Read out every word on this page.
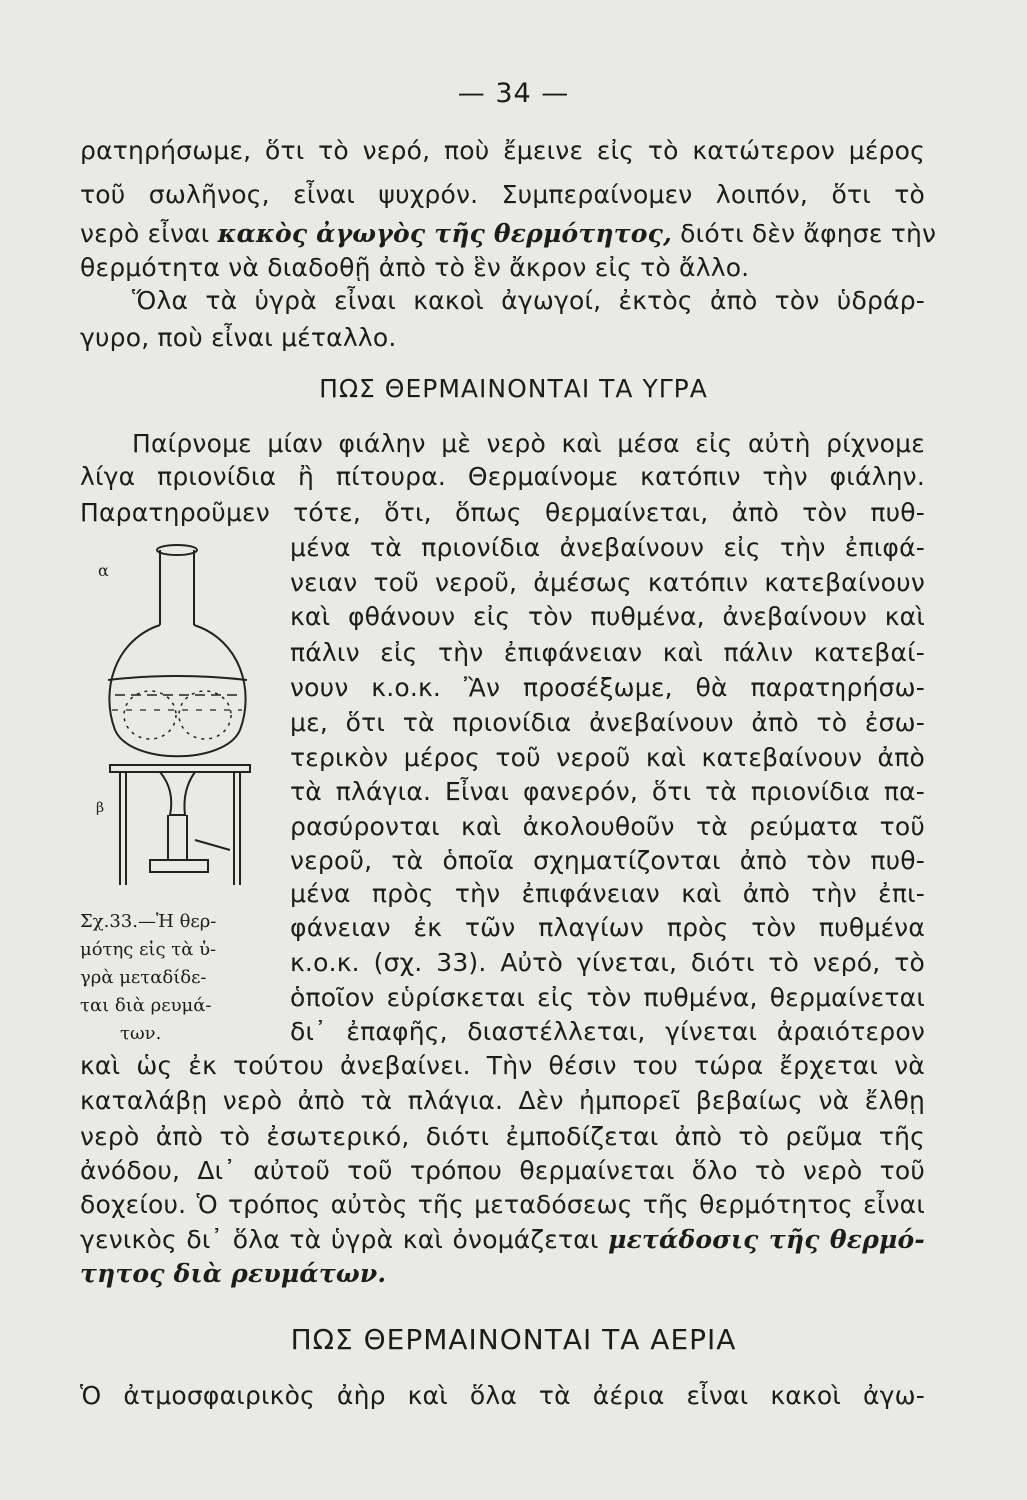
— 34 —
ρατηρήσωμε, ὅτι τὸ νερό, ποὺ ἔμεινε εἰς τὸ κατώτερον μέρος
τοῦ σωλῆνος, εἶναι ψυχρόν. Συμπεραίνομεν λοιπόν, ὅτι τὸ
νερὸ εἶναι κακὸς ἀγωγὸς τῆς θερμότητος, διότι δὲν ἄφησε τὴν
θερμότητα νὰ διαδοθῇ ἀπὸ τὸ ἓν ἄκρον εἰς τὸ ἄλλο.
Ὅλα τὰ ὑγρὰ εἶναι κακοὶ ἀγωγοί, ἐκτὸς ἀπὸ τὸν ὑδράρ-
γυρο, ποὺ εἶναι μέταλλο.
ΠΩΣ ΘΕΡΜΑΙΝΟΝΤΑΙ ΤΑ ΥΓΡΑ
Παίρνομε μίαν φιάλην μὲ νερὸ καὶ μέσα εἰς αὐτὴ ρίχνομε
λίγα πριονίδια ἢ πίτουρα. Θερμαίνομε κατόπιν τὴν φιάλην.
Παρατηροῦμεν τότε, ὅτι, ὅπως θερμαίνεται, ἀπὸ τὸν πυθ-
μένα τὰ πριονίδια ἀνεβαίνουν εἰς τὴν ἐπιφά-
νειαν τοῦ νεροῦ, ἀμέσως κατόπιν κατεβαίνουν
καὶ φθάνουν εἰς τὸν πυθμένα, ἀνεβαίνουν καὶ
πάλιν εἰς τὴν ἐπιφάνειαν καὶ πάλιν κατεβαί-
νουν κ.ο.κ. Ἂν προσέξωμε, θὰ παρατηρήσω-
με, ὅτι τὰ πριονίδια ἀνεβαίνουν ἀπὸ τὸ ἐσω-
τερικὸν μέρος τοῦ νεροῦ καὶ κατεβαίνουν ἀπὸ
τὰ πλάγια. Εἶναι φανερόν, ὅτι τὰ πριονίδια πα-
ρασύρονται καὶ ἀκολουθοῦν τὰ ρεύματα τοῦ
νεροῦ, τὰ ὁποῖα σχηματίζονται ἀπὸ τὸν πυθ-
μένα πρὸς τὴν ἐπιφάνειαν καὶ ἀπὸ τὴν ἐπι-
φάνειαν ἐκ τῶν πλαγίων πρὸς τὸν πυθμένα
κ.ο.κ. (σχ. 33). Αὐτὸ γίνεται, διότι τὸ νερό, τὸ
ὁποῖον εὑρίσκεται εἰς τὸν πυθμένα, θερμαίνεται
δι᾽ ἐπαφῆς, διαστέλλεται, γίνεται ἀραιότερον
καὶ ὡς ἐκ τούτου ἀνεβαίνει. Τὴν θέσιν του τώρα ἔρχεται νὰ
καταλάβῃ νερὸ ἀπὸ τὰ πλάγια. Δὲν ἠμπορεῖ βεβαίως νὰ ἔλθῃ
νερὸ ἀπὸ τὸ ἐσωτερικό, διότι ἐμποδίζεται ἀπὸ τὸ ρεῦμα τῆς
ἀνόδου, Δι᾽ αὐτοῦ τοῦ τρόπου θερμαίνεται ὅλο τὸ νερὸ τοῦ
δοχείου. Ὁ τρόπος αὐτὸς τῆς μεταδόσεως τῆς θερμότητος εἶναι
γενικὸς δι᾽ ὅλα τὰ ὑγρὰ καὶ ὀνομάζεται μετάδοσις τῆς θερμό-
τητος διὰ ρευμάτων.
ΠΩΣ ΘΕΡΜΑΙΝΟΝΤΑΙ ΤΑ ΑΕΡΙΑ
Ὁ ἀτμοσφαιρικὸς ἀὴρ καὶ ὅλα τὰ ἀέρια εἶναι κακοὶ ἀγω-
α
β
Σχ.33.—Ἡ θερ-
μότης εἰς τὰ ὑ-
γρὰ μεταδίδε-
ται διὰ ρευμά-
των.
